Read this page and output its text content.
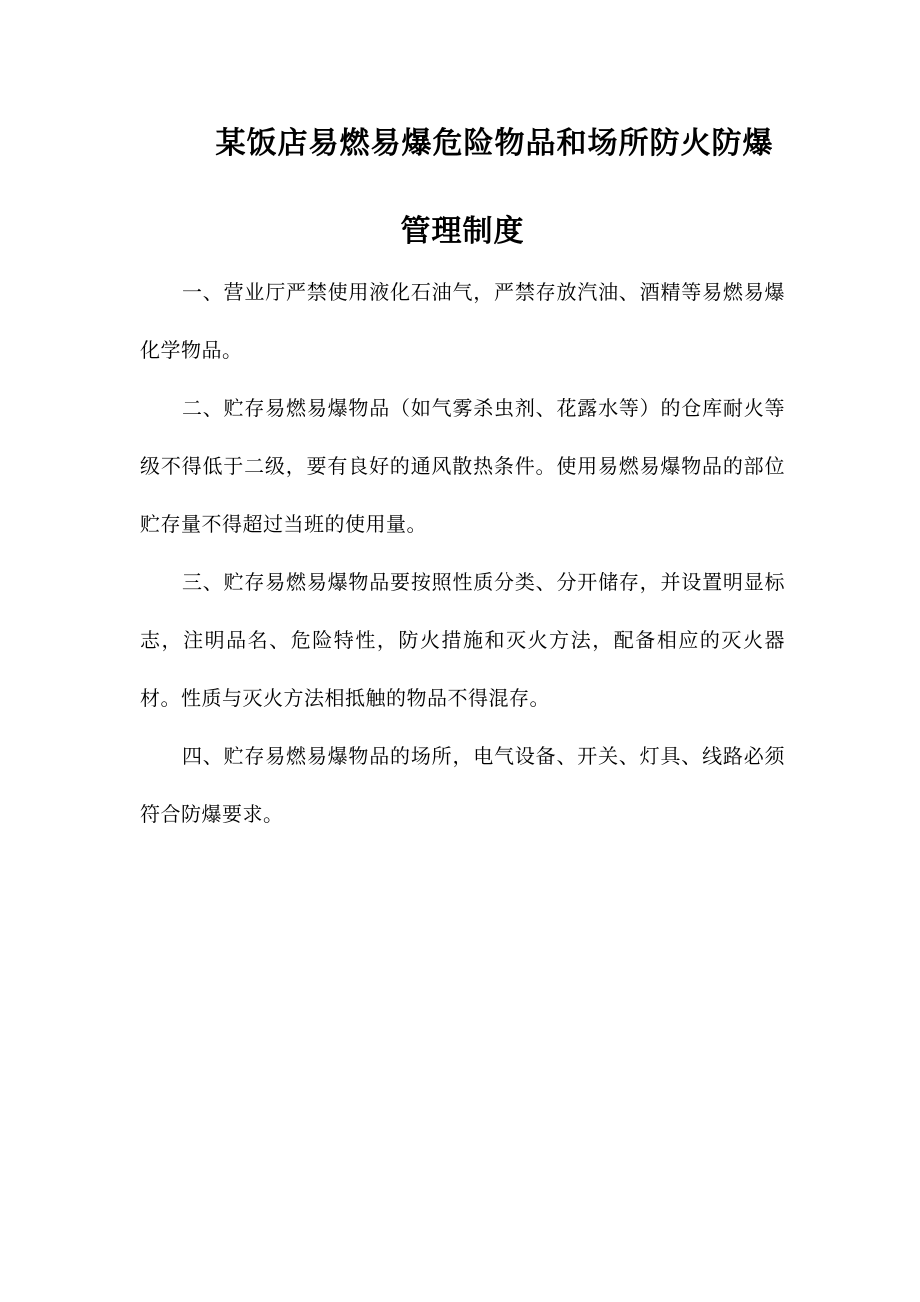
某饭店易燃易爆危险物品和场所防火防爆管理制度

一、营业厅严禁使用液化石油气，严禁存放汽油、酒精等易燃易爆化学物品。

二、贮存易燃易爆物品（如气雾杀虫剂、花露水等）的仓库耐火等级不得低于二级，要有良好的通风散热条件。使用易燃易爆物品的部位贮存量不得超过当班的使用量。

三、贮存易燃易爆物品要按照性质分类、分开储存，并设置明显标志，注明品名、危险特性，防火措施和灭火方法，配备相应的灭火器材。性质与灭火方法相抵触的物品不得混存。

四、贮存易燃易爆物品的场所，电气设备、开关、灯具、线路必须符合防爆要求。
